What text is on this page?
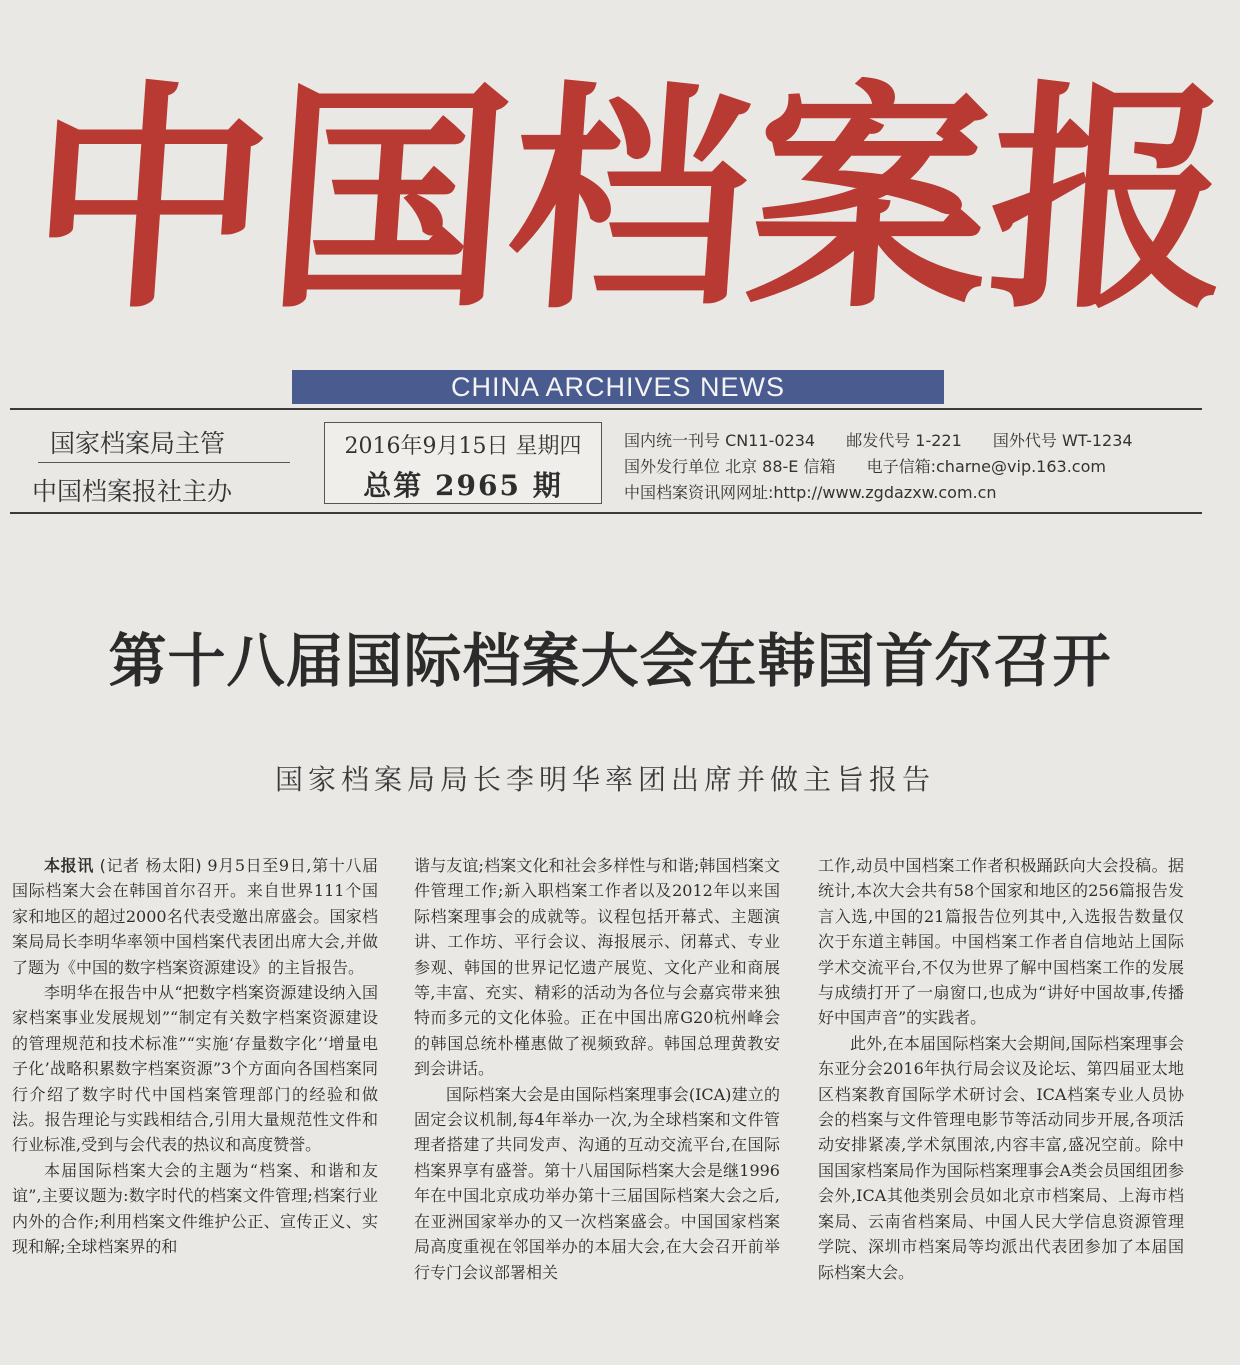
中
国
档
案
报
CHINA ARCHIVES NEWS
国家档案局主管
中国档案报社主办
2016年9月15日 星期四
总第 2965 期
国内统一刊号 CN11-0234 邮发代号 1-221 国外代号 WT-1234
国外发行单位 北京 88-E 信箱 电子信箱:charne@vip.163.com
中国档案资讯网网址:http://www.zgdazxw.com.cn
第十八届国际档案大会在韩国首尔召开
国家档案局局长李明华率团出席并做主旨报告

本报讯 (记者 杨太阳) 9月5日至9日,第十八届国际档案大会在韩国首尔召开。来自世界111个国家和地区的超过2000名代表受邀出席盛会。国家档案局局长李明华率领中国档案代表团出席大会,并做了题为《中国的数字档案资源建设》的主旨报告。

李明华在报告中从“把数字档案资源建设纳入国家档案事业发展规划”“制定有关数字档案资源建设的管理规范和技术标准”“实施‘存量数字化’‘增量电子化’战略积累数字档案资源”3个方面向各国档案同行介绍了数字时代中国档案管理部门的经验和做法。报告理论与实践相结合,引用大量规范性文件和行业标准,受到与会代表的热议和高度赞誉。

本届国际档案大会的主题为“档案、和谐和友谊”,主要议题为:数字时代的档案文件管理;档案行业内外的合作;利用档案文件维护公正、宣传正义、实现和解;全球档案界的和

谐与友谊;档案文化和社会多样性与和谐;韩国档案文件管理工作;新入职档案工作者以及2012年以来国际档案理事会的成就等。议程包括开幕式、主题演讲、工作坊、平行会议、海报展示、闭幕式、专业参观、韩国的世界记忆遗产展览、文化产业和商展等,丰富、充实、精彩的活动为各位与会嘉宾带来独特而多元的文化体验。正在中国出席G20杭州峰会的韩国总统朴槿惠做了视频致辞。韩国总理黄教安到会讲话。

国际档案大会是由国际档案理事会(ICA)建立的固定会议机制,每4年举办一次,为全球档案和文件管理者搭建了共同发声、沟通的互动交流平台,在国际档案界享有盛誉。第十八届国际档案大会是继1996年在中国北京成功举办第十三届国际档案大会之后,在亚洲国家举办的又一次档案盛会。中国国家档案局高度重视在邻国举办的本届大会,在大会召开前举行专门会议部署相关

工作,动员中国档案工作者积极踊跃向大会投稿。据统计,本次大会共有58个国家和地区的256篇报告发言入选,中国的21篇报告位列其中,入选报告数量仅次于东道主韩国。中国档案工作者自信地站上国际学术交流平台,不仅为世界了解中国档案工作的发展与成绩打开了一扇窗口,也成为“讲好中国故事,传播好中国声音”的实践者。

此外,在本届国际档案大会期间,国际档案理事会东亚分会2016年执行局会议及论坛、第四届亚太地区档案教育国际学术研讨会、ICA档案专业人员协会的档案与文件管理电影节等活动同步开展,各项活动安排紧凑,学术氛围浓,内容丰富,盛况空前。除中国国家档案局作为国际档案理事会A类会员国组团参会外,ICA其他类别会员如北京市档案局、上海市档案局、云南省档案局、中国人民大学信息资源管理学院、深圳市档案局等均派出代表团参加了本届国际档案大会。
